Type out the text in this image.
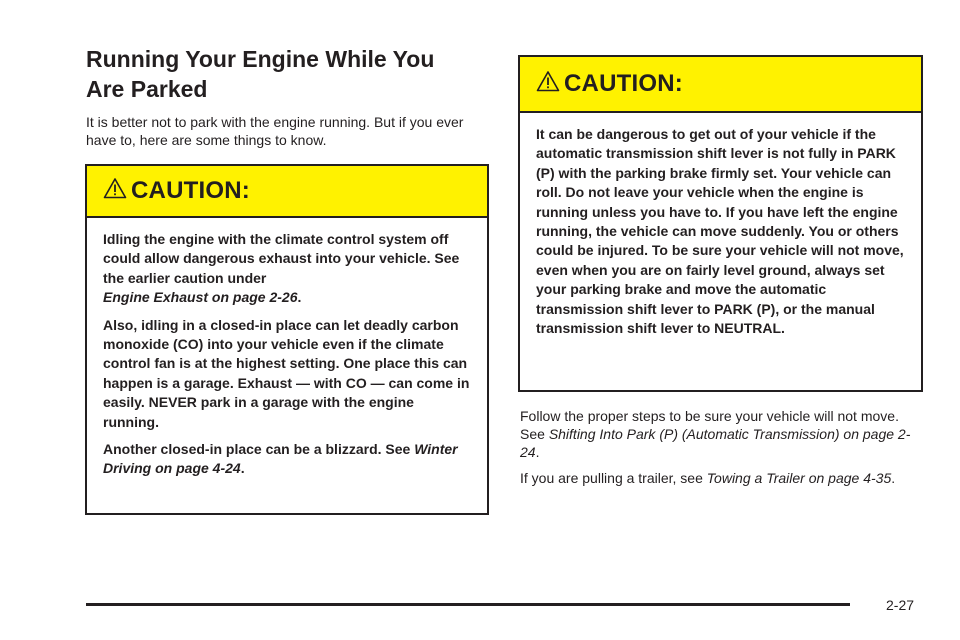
Running Your Engine While You
Are Parked

It is better not to park with the engine running. But if you ever have to, here are some things to know.

CAUTION:

Idling the engine with the climate control system off could allow dangerous exhaust into your vehicle. See the earlier caution under
Engine Exhaust on page 2-26.

Also, idling in a closed-in place can let deadly carbon monoxide (CO) into your vehicle even if the climate control fan is at the highest setting. One place this can happen is a garage. Exhaust — with CO — can come in easily. NEVER park in a garage with the engine running.

Another closed-in place can be a blizzard. See Winter Driving on page 4-24.

CAUTION:

It can be dangerous to get out of your vehicle if the automatic transmission shift lever is not fully in PARK (P) with the parking brake firmly set. Your vehicle can roll. Do not leave your vehicle when the engine is running unless you have to. If you have left the engine running, the vehicle can move suddenly. You or others could be injured. To be sure your vehicle will not move, even when you are on fairly level ground, always set your parking brake and move the automatic transmission shift lever to PARK (P), or the manual transmission shift lever to NEUTRAL.

Follow the proper steps to be sure your vehicle will not move. See Shifting Into Park (P) (Automatic Transmission) on page 2-24.

If you are pulling a trailer, see Towing a Trailer on page 4-35.

2-27
